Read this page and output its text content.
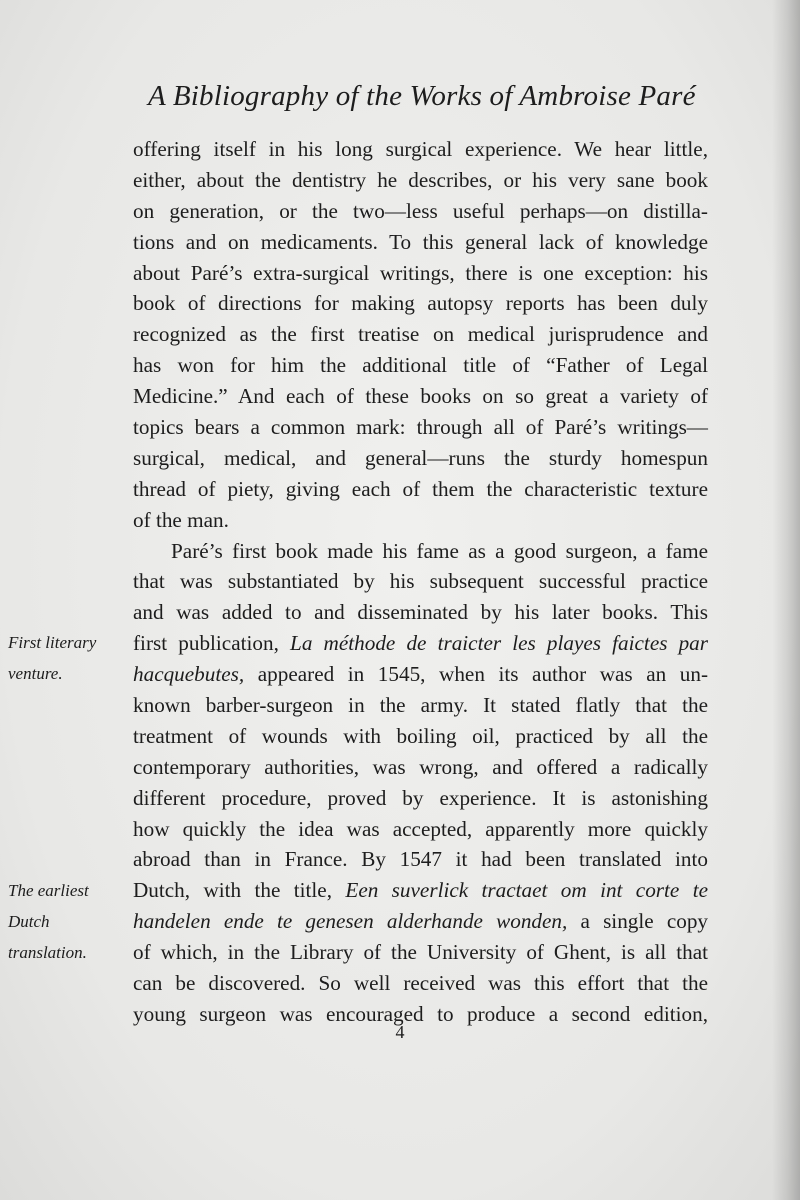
A Bibliography of the Works of Ambroise Paré
offering itself in his long surgical experience. We hear little,
either, about the dentistry he describes, or his very sane book
on generation, or the two—less useful perhaps—on distilla-
tions and on medicaments. To this general lack of knowledge
about Paré’s extra-surgical writings, there is one exception: his
book of directions for making autopsy reports has been duly
recognized as the first treatise on medical jurisprudence and
has won for him the additional title of “Father of Legal
Medicine.” And each of these books on so great a variety of
topics bears a common mark: through all of Paré’s writings—
surgical, medical, and general—runs the sturdy homespun
thread of piety, giving each of them the characteristic texture
of the man.
Paré’s first book made his fame as a good surgeon, a fame
that was substantiated by his subsequent successful practice
and was added to and disseminated by his later books. This
first publication, La méthode de traicter les playes faictes par
hacquebutes, appeared in 1545, when its author was an un-
known barber-surgeon in the army. It stated flatly that the
treatment of wounds with boiling oil, practiced by all the
contemporary authorities, was wrong, and offered a radically
different procedure, proved by experience. It is astonishing
how quickly the idea was accepted, apparently more quickly
abroad than in France. By 1547 it had been translated into
Dutch, with the title, Een suverlick tractaet om int corte te
handelen ende te genesen alderhande wonden, a single copy
of which, in the Library of the University of Ghent, is all that
can be discovered. So well received was this effort that the
young surgeon was encouraged to produce a second edition,
First literary
venture.
The earliest
Dutch
translation.
4
